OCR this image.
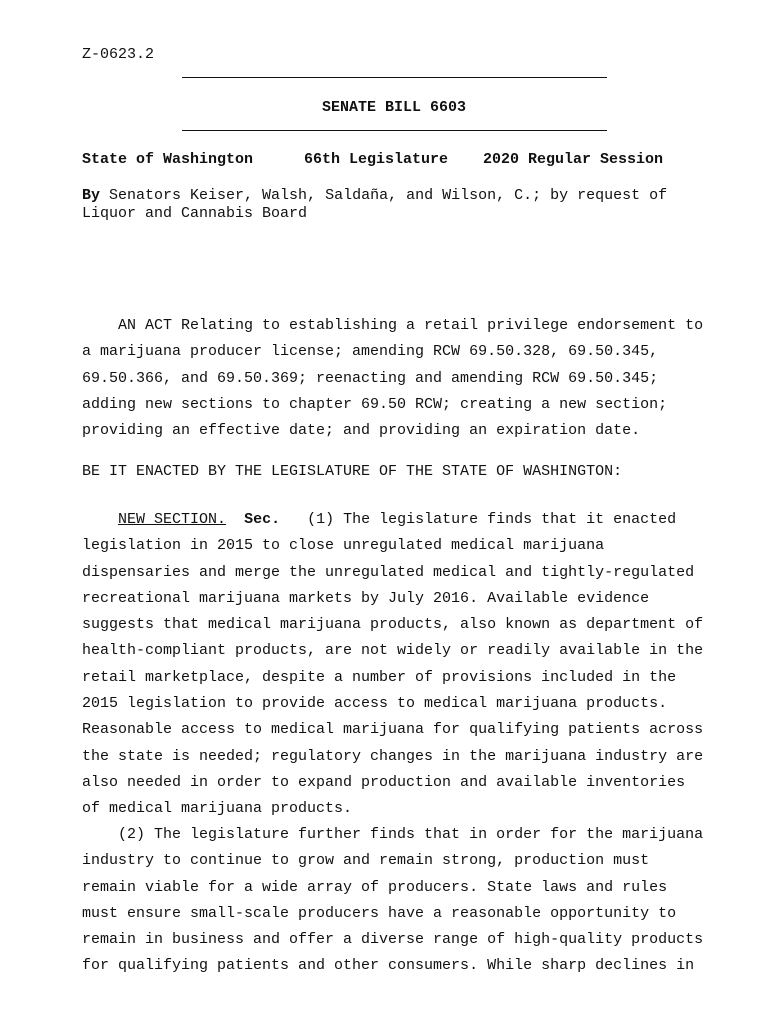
Z-0623.2
SENATE BILL 6603
State of Washington	66th Legislature 2020 Regular Session
By Senators Keiser, Walsh, Saldaña, and Wilson, C.; by request of Liquor and Cannabis Board
AN ACT Relating to establishing a retail privilege endorsement to
a marijuana producer license; amending RCW 69.50.328, 69.50.345,
69.50.366, and 69.50.369; reenacting and amending RCW 69.50.345;
adding new sections to chapter 69.50 RCW; creating a new section;
providing an effective date; and providing an expiration date.
BE IT ENACTED BY THE LEGISLATURE OF THE STATE OF WASHINGTON:
NEW SECTION. Sec. (1) The legislature finds that it enacted
legislation in 2015 to close unregulated medical marijuana
dispensaries and merge the unregulated medical and tightly-regulated
recreational marijuana markets by July 2016. Available evidence
suggests that medical marijuana products, also known as department of
health-compliant products, are not widely or readily available in the
retail marketplace, despite a number of provisions included in the
2015 legislation to provide access to medical marijuana products.
Reasonable access to medical marijuana for qualifying patients across
the state is needed; regulatory changes in the marijuana industry are
also needed in order to expand production and available inventories
of medical marijuana products.
(2) The legislature further finds that in order for the marijuana
industry to continue to grow and remain strong, production must
remain viable for a wide array of producers. State laws and rules
must ensure small-scale producers have a reasonable opportunity to
remain in business and offer a diverse range of high-quality products
for qualifying patients and other consumers. While sharp declines in
